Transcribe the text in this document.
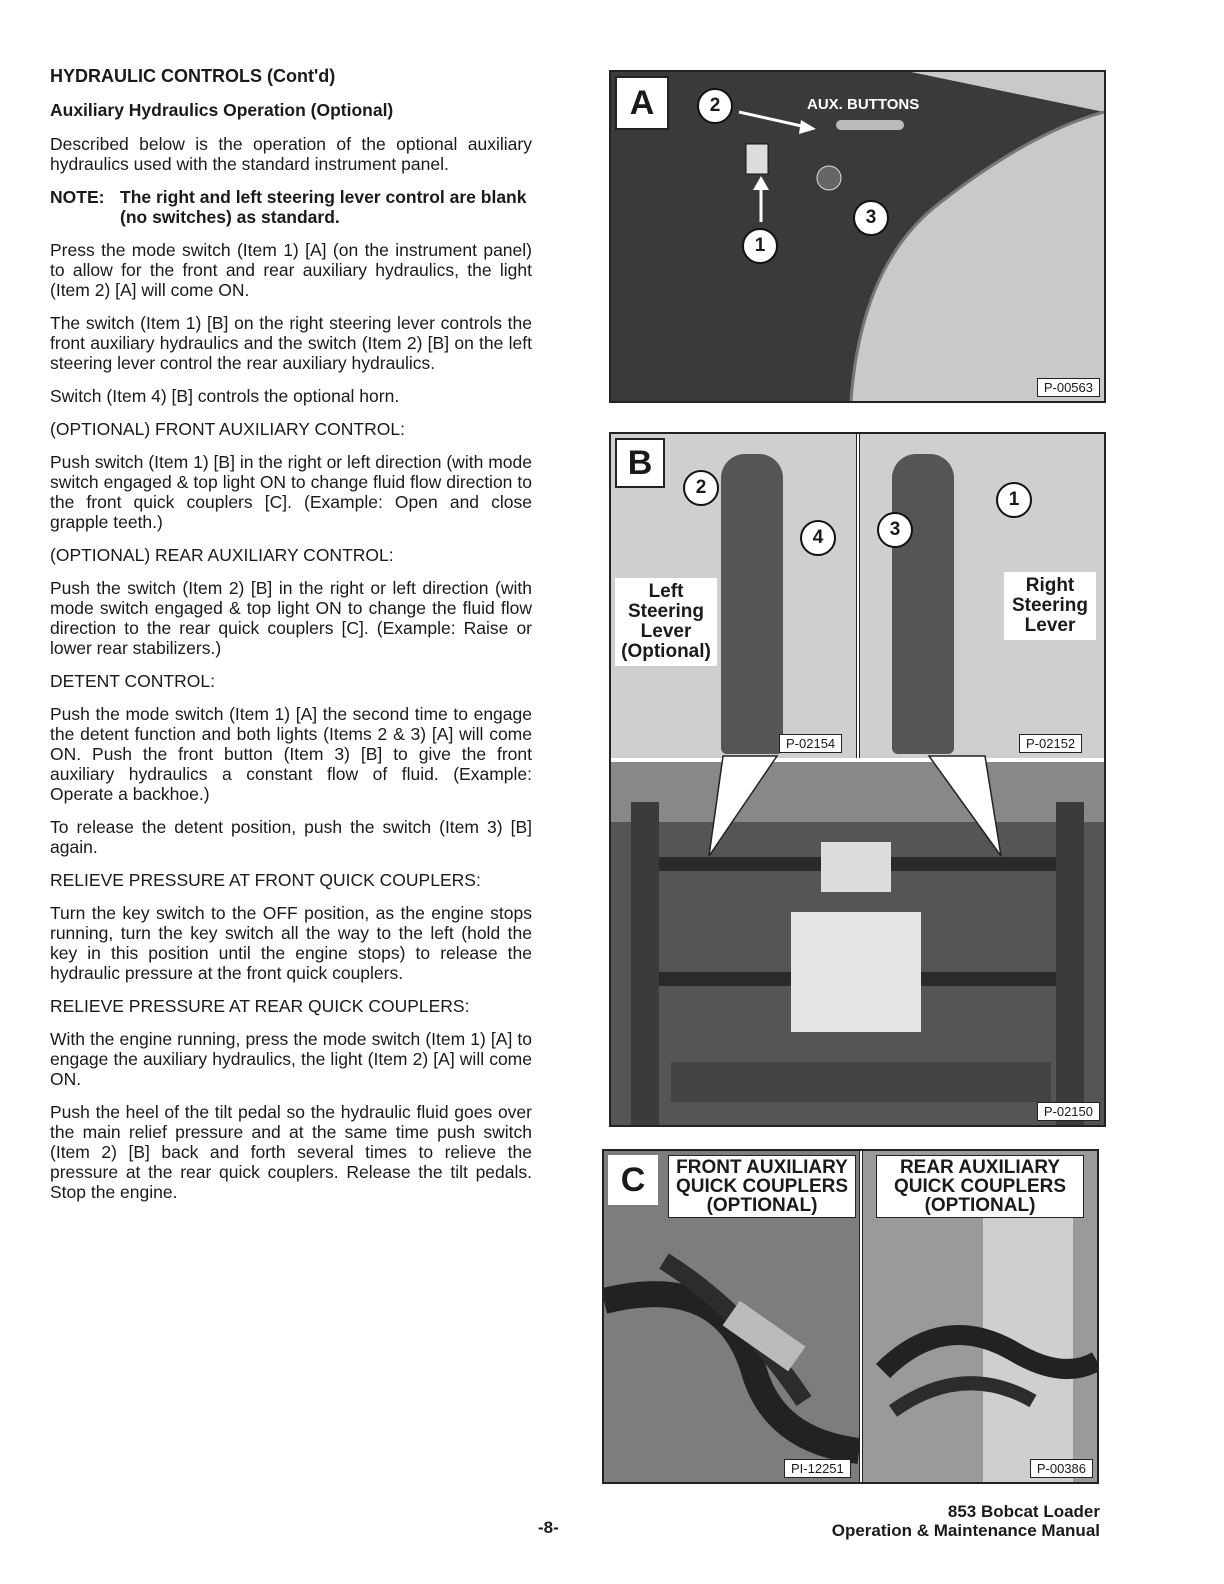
HYDRAULIC CONTROLS (Cont'd)
Auxiliary Hydraulics Operation (Optional)
Described below is the operation of the optional auxiliary hydraulics used with the standard instrument panel.
NOTE: The right and left steering lever control are blank (no switches) as standard.
Press the mode switch (Item 1) [A] (on the instrument panel) to allow for the front and rear auxiliary hydraulics, the light (Item 2) [A] will come ON.
The switch (Item 1) [B] on the right steering lever controls the front auxiliary hydraulics and the switch (Item 2) [B] on the left steering lever control the rear auxiliary hydraulics.
Switch (Item 4) [B] controls the optional horn.
(OPTIONAL) FRONT AUXILIARY CONTROL:
Push switch (Item 1) [B] in the right or left direction (with mode switch engaged & top light ON to change fluid flow direction to the front quick couplers [C]. (Example: Open and close grapple teeth.)
(OPTIONAL) REAR AUXILIARY CONTROL:
Push the switch (Item 2) [B] in the right or left direction (with mode switch engaged & top light ON to change the fluid flow direction to the rear quick couplers [C]. (Example: Raise or lower rear stabilizers.)
DETENT CONTROL:
Push the mode switch (Item 1) [A] the second time to engage the detent function and both lights (Items 2 & 3) [A] will come ON. Push the front button (Item 3) [B] to give the front auxiliary hydraulics a constant flow of fluid. (Example: Operate a backhoe.)
To release the detent position, push the switch (Item 3) [B] again.
RELIEVE PRESSURE AT FRONT QUICK COUPLERS:
Turn the key switch to the OFF position, as the engine stops running, turn the key switch all the way to the left (hold the key in this position until the engine stops) to release the hydraulic pressure at the front quick couplers.
RELIEVE PRESSURE AT REAR QUICK COUPLERS:
With the engine running, press the mode switch (Item 1) [A] to engage the auxiliary hydraulics, the light (Item 2) [A] will come ON.
Push the heel of the tilt pedal so the hydraulic fluid goes over the main relief pressure and at the same time push switch (Item 2) [B] back and forth several times to relieve the pressure at the rear quick couplers. Release the tilt pedals. Stop the engine.
A	2
1
3
AUX. BUTTONS
P-00563
B
2
4	3
1
Left
Steering
Lever
(Optional)
Right
Steering
Lever
P-02154	P-02152
P-02150
C	FRONT AUXILIARY
QUICK COUPLERS
(OPTIONAL)
REAR AUXILIARY
QUICK COUPLERS
(OPTIONAL)
PI-12251	P-00386
-8-
853 Bobcat Loader
Operation & Maintenance Manual
